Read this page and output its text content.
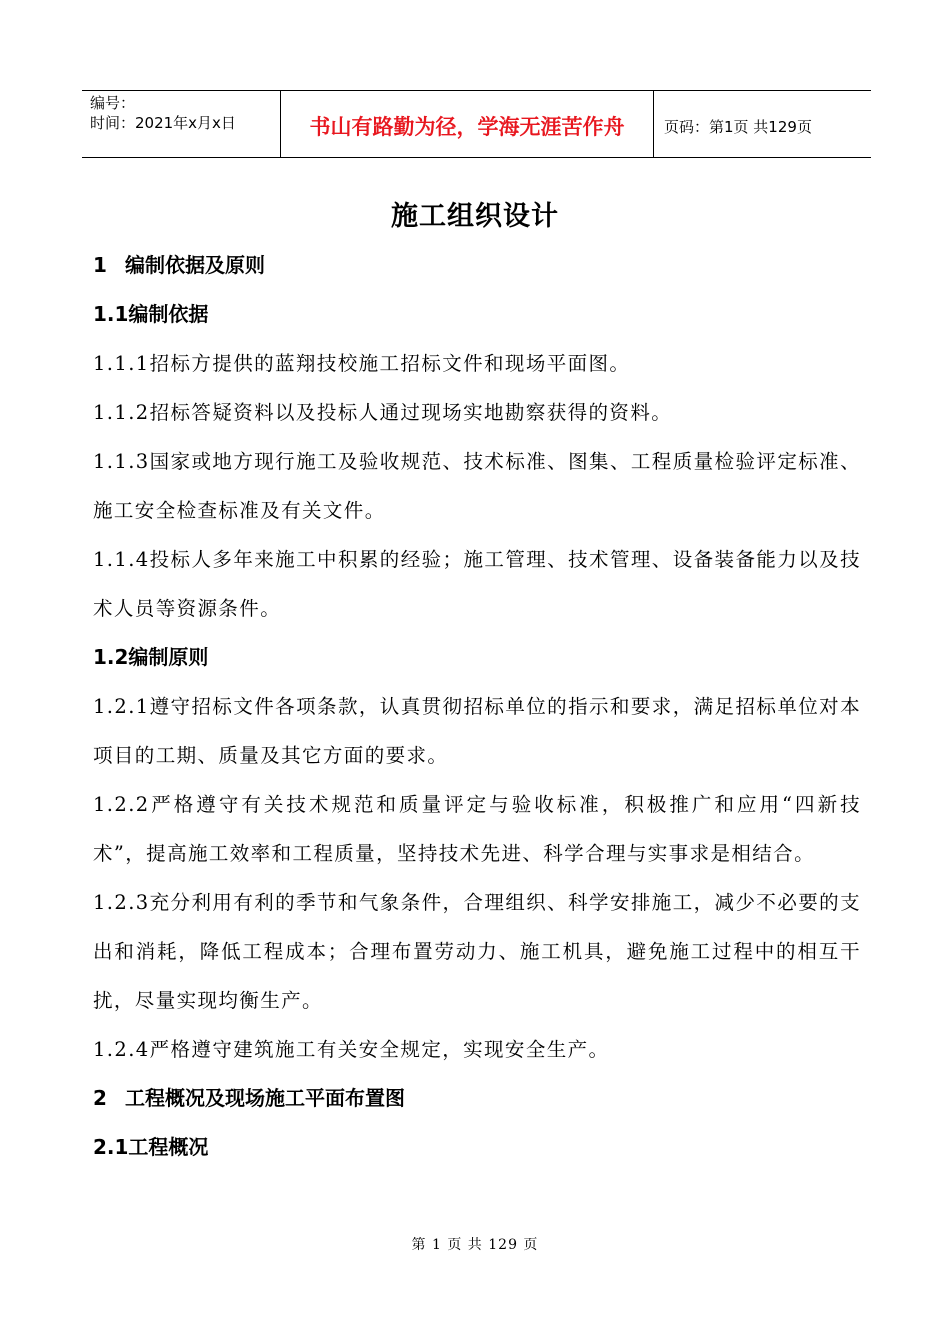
编号：
时间：2021年x月x日	书山有路勤为径，学海无涯苦作舟	页码：第1页 共129页
施工组织设计
1 编制依据及原则
1.1编制依据

1.1.1招标方提供的蓝翔技校施工招标文件和现场平面图。

1.1.2招标答疑资料以及投标人通过现场实地勘察获得的资料。

1.1.3国家或地方现行施工及验收规范、技术标准、图集、工程质量检验评定标准、施工安全检查标准及有关文件。

1.1.4投标人多年来施工中积累的经验；施工管理、技术管理、设备装备能力以及技术人员等资源条件。

1.2编制原则

1.2.1遵守招标文件各项条款，认真贯彻招标单位的指示和要求，满足招标单位对本项目的工期、质量及其它方面的要求。

1.2.2严格遵守有关技术规范和质量评定与验收标准，积极推广和应用“四新技术”，提高施工效率和工程质量，坚持技术先进、科学合理与实事求是相结合。

1.2.3充分利用有利的季节和气象条件，合理组织、科学安排施工，减少不必要的支出和消耗，降低工程成本；合理布置劳动力、施工机具，避免施工过程中的相互干扰，尽量实现均衡生产。

1.2.4严格遵守建筑施工有关安全规定，实现安全生产。

2 工程概况及现场施工平面布置图
2.1工程概况
第 1 页 共 129 页
